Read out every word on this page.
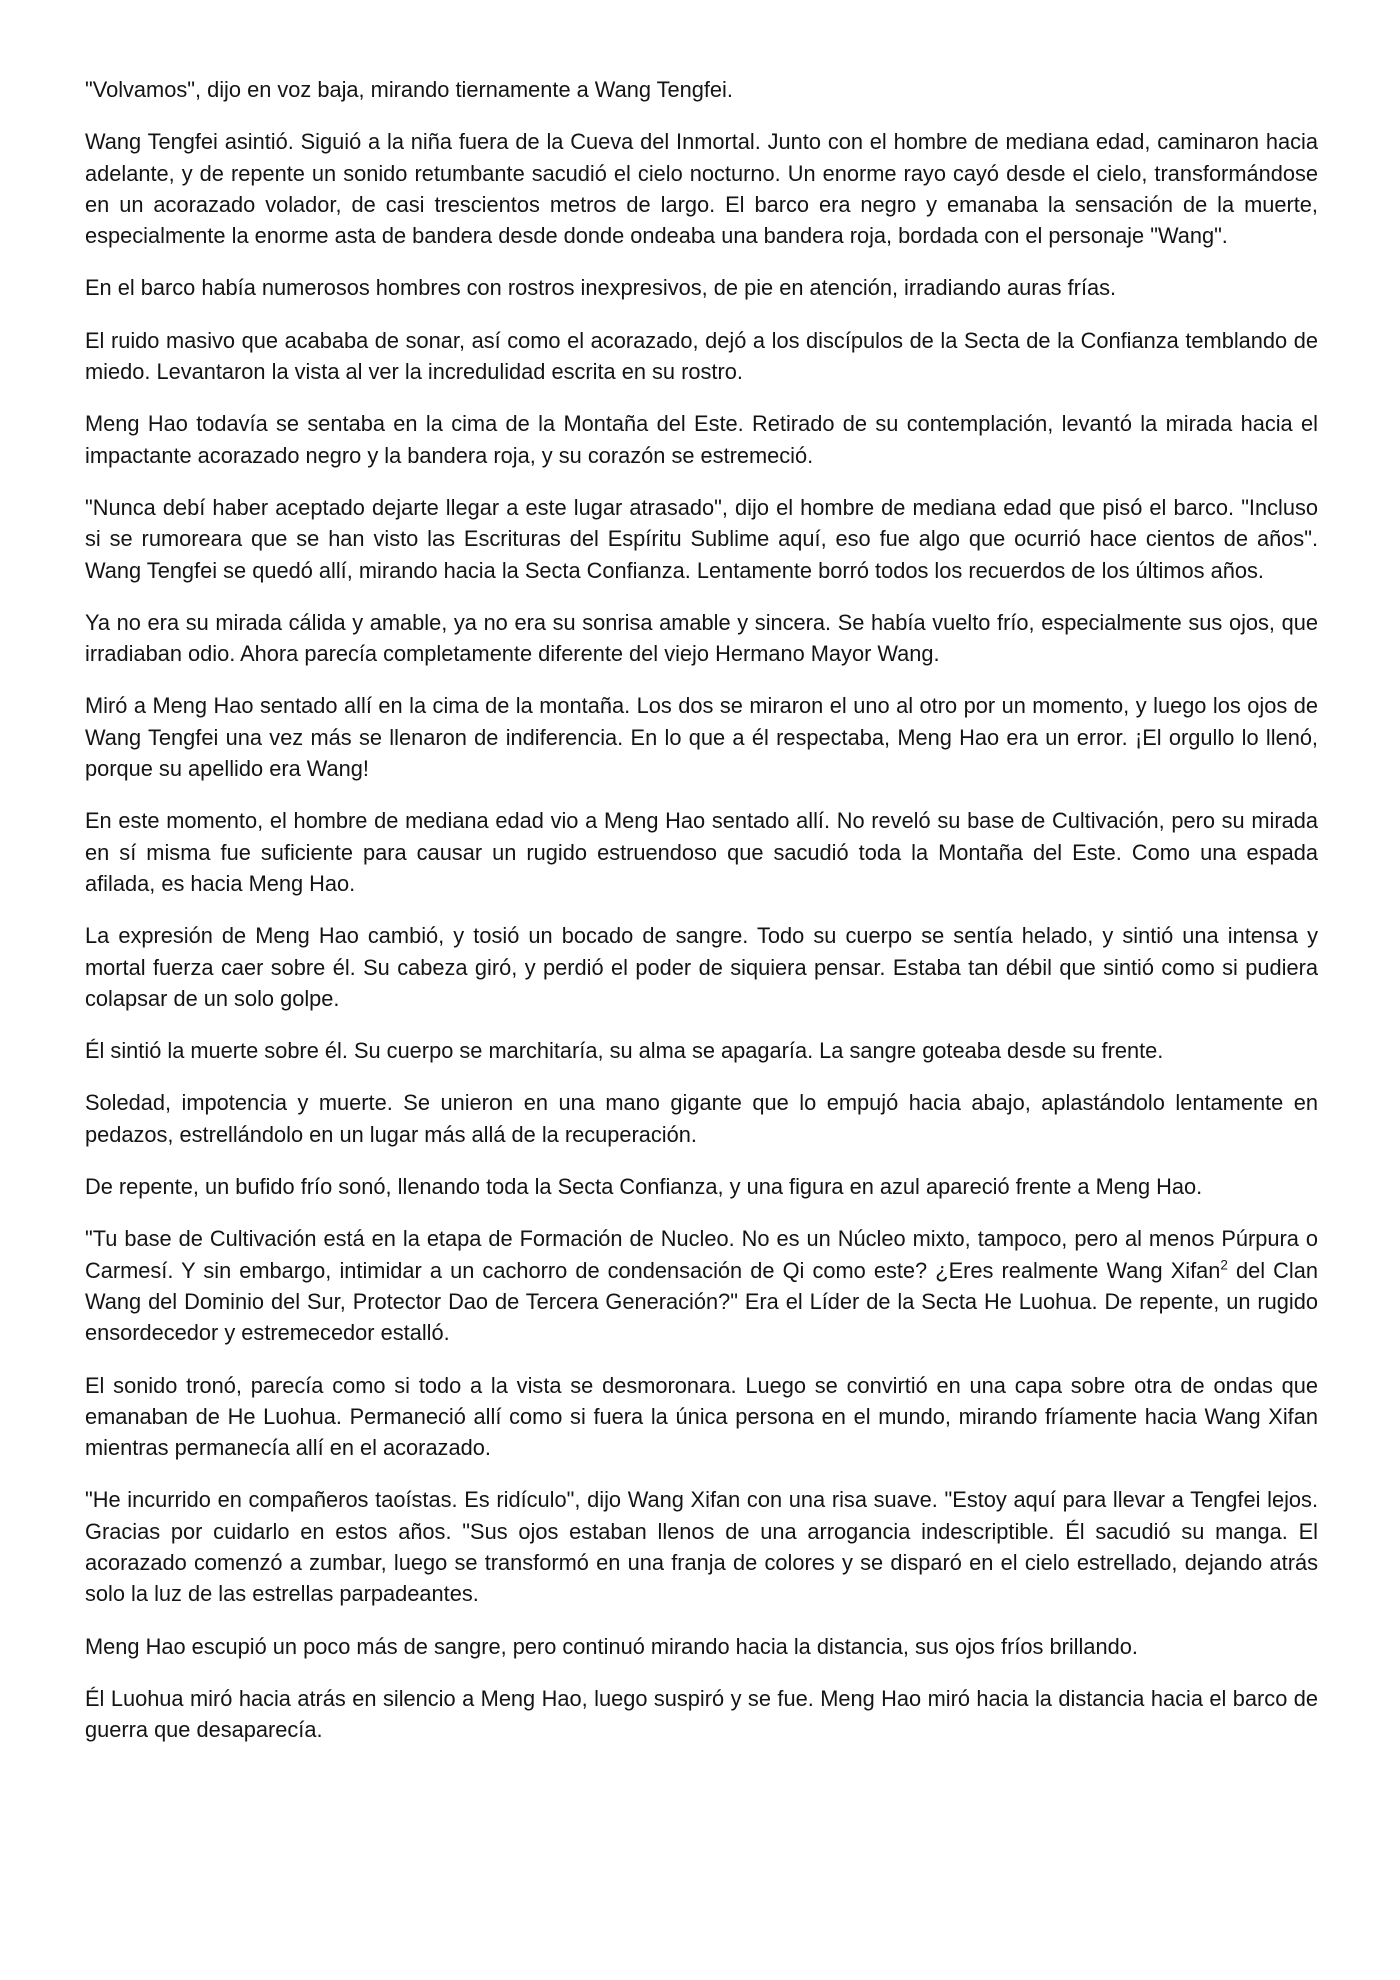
"Volvamos", dijo en voz baja, mirando tiernamente a Wang Tengfei.

Wang Tengfei asintió. Siguió a la niña fuera de la Cueva del Inmortal. Junto con el hombre de mediana edad, caminaron hacia adelante, y de repente un sonido retumbante sacudió el cielo nocturno. Un enorme rayo cayó desde el cielo, transformándose en un acorazado volador, de casi trescientos metros de largo. El barco era negro y emanaba la sensación de la muerte, especialmente la enorme asta de bandera desde donde ondeaba una bandera roja, bordada con el personaje "Wang".

En el barco había numerosos hombres con rostros inexpresivos, de pie en atención, irradiando auras frías.

El ruido masivo que acababa de sonar, así como el acorazado, dejó a los discípulos de la Secta de la Confianza temblando de miedo. Levantaron la vista al ver la incredulidad escrita en su rostro.

Meng Hao todavía se sentaba en la cima de la Montaña del Este. Retirado de su contemplación, levantó la mirada hacia el impactante acorazado negro y la bandera roja, y su corazón se estremeció.

"Nunca debí haber aceptado dejarte llegar a este lugar atrasado", dijo el hombre de mediana edad que pisó el barco. "Incluso si se rumoreara que se han visto las Escrituras del Espíritu Sublime aquí, eso fue algo que ocurrió hace cientos de años". Wang Tengfei se quedó allí, mirando hacia la Secta Confianza. Lentamente borró todos los recuerdos de los últimos años.

Ya no era su mirada cálida y amable, ya no era su sonrisa amable y sincera. Se había vuelto frío, especialmente sus ojos, que irradiaban odio. Ahora parecía completamente diferente del viejo Hermano Mayor Wang.

Miró a Meng Hao sentado allí en la cima de la montaña. Los dos se miraron el uno al otro por un momento, y luego los ojos de Wang Tengfei una vez más se llenaron de indiferencia. En lo que a él respectaba, Meng Hao era un error. ¡El orgullo lo llenó, porque su apellido era Wang!

En este momento, el hombre de mediana edad vio a Meng Hao sentado allí. No reveló su base de Cultivación, pero su mirada en sí misma fue suficiente para causar un rugido estruendoso que sacudió toda la Montaña del Este. Como una espada afilada, es hacia Meng Hao.

La expresión de Meng Hao cambió, y tosió un bocado de sangre. Todo su cuerpo se sentía helado, y sintió una intensa y mortal fuerza caer sobre él. Su cabeza giró, y perdió el poder de siquiera pensar. Estaba tan débil que sintió como si pudiera colapsar de un solo golpe.

Él sintió la muerte sobre él. Su cuerpo se marchitaría, su alma se apagaría. La sangre goteaba desde su frente.

Soledad, impotencia y muerte. Se unieron en una mano gigante que lo empujó hacia abajo, aplastándolo lentamente en pedazos, estrellándolo en un lugar más allá de la recuperación.

De repente, un bufido frío sonó, llenando toda la Secta Confianza, y una figura en azul apareció frente a Meng Hao.

"Tu base de Cultivación está en la etapa de Formación de Nucleo. No es un Núcleo mixto, tampoco, pero al menos Púrpura o Carmesí. Y sin embargo, intimidar a un cachorro de condensación de Qi como este? ¿Eres realmente Wang Xifan$^2$ del Clan Wang del Dominio del Sur, Protector Dao de Tercera Generación?" Era el Líder de la Secta He Luohua. De repente, un rugido ensordecedor y estremecedor estalló.

El sonido tronó, parecía como si todo a la vista se desmoronara. Luego se convirtió en una capa sobre otra de ondas que emanaban de He Luohua. Permaneció allí como si fuera la única persona en el mundo, mirando fríamente hacia Wang Xifan mientras permanecía allí en el acorazado.

"He incurrido en compañeros taoístas. Es ridículo", dijo Wang Xifan con una risa suave. "Estoy aquí para llevar a Tengfei lejos. Gracias por cuidarlo en estos años. "Sus ojos estaban llenos de una arrogancia indescriptible. Él sacudió su manga. El acorazado comenzó a zumbar, luego se transformó en una franja de colores y se disparó en el cielo estrellado, dejando atrás solo la luz de las estrellas parpadeantes.

Meng Hao escupió un poco más de sangre, pero continuó mirando hacia la distancia, sus ojos fríos brillando.

Él Luohua miró hacia atrás en silencio a Meng Hao, luego suspiró y se fue. Meng Hao miró hacia la distancia hacia el barco de guerra que desaparecía.
